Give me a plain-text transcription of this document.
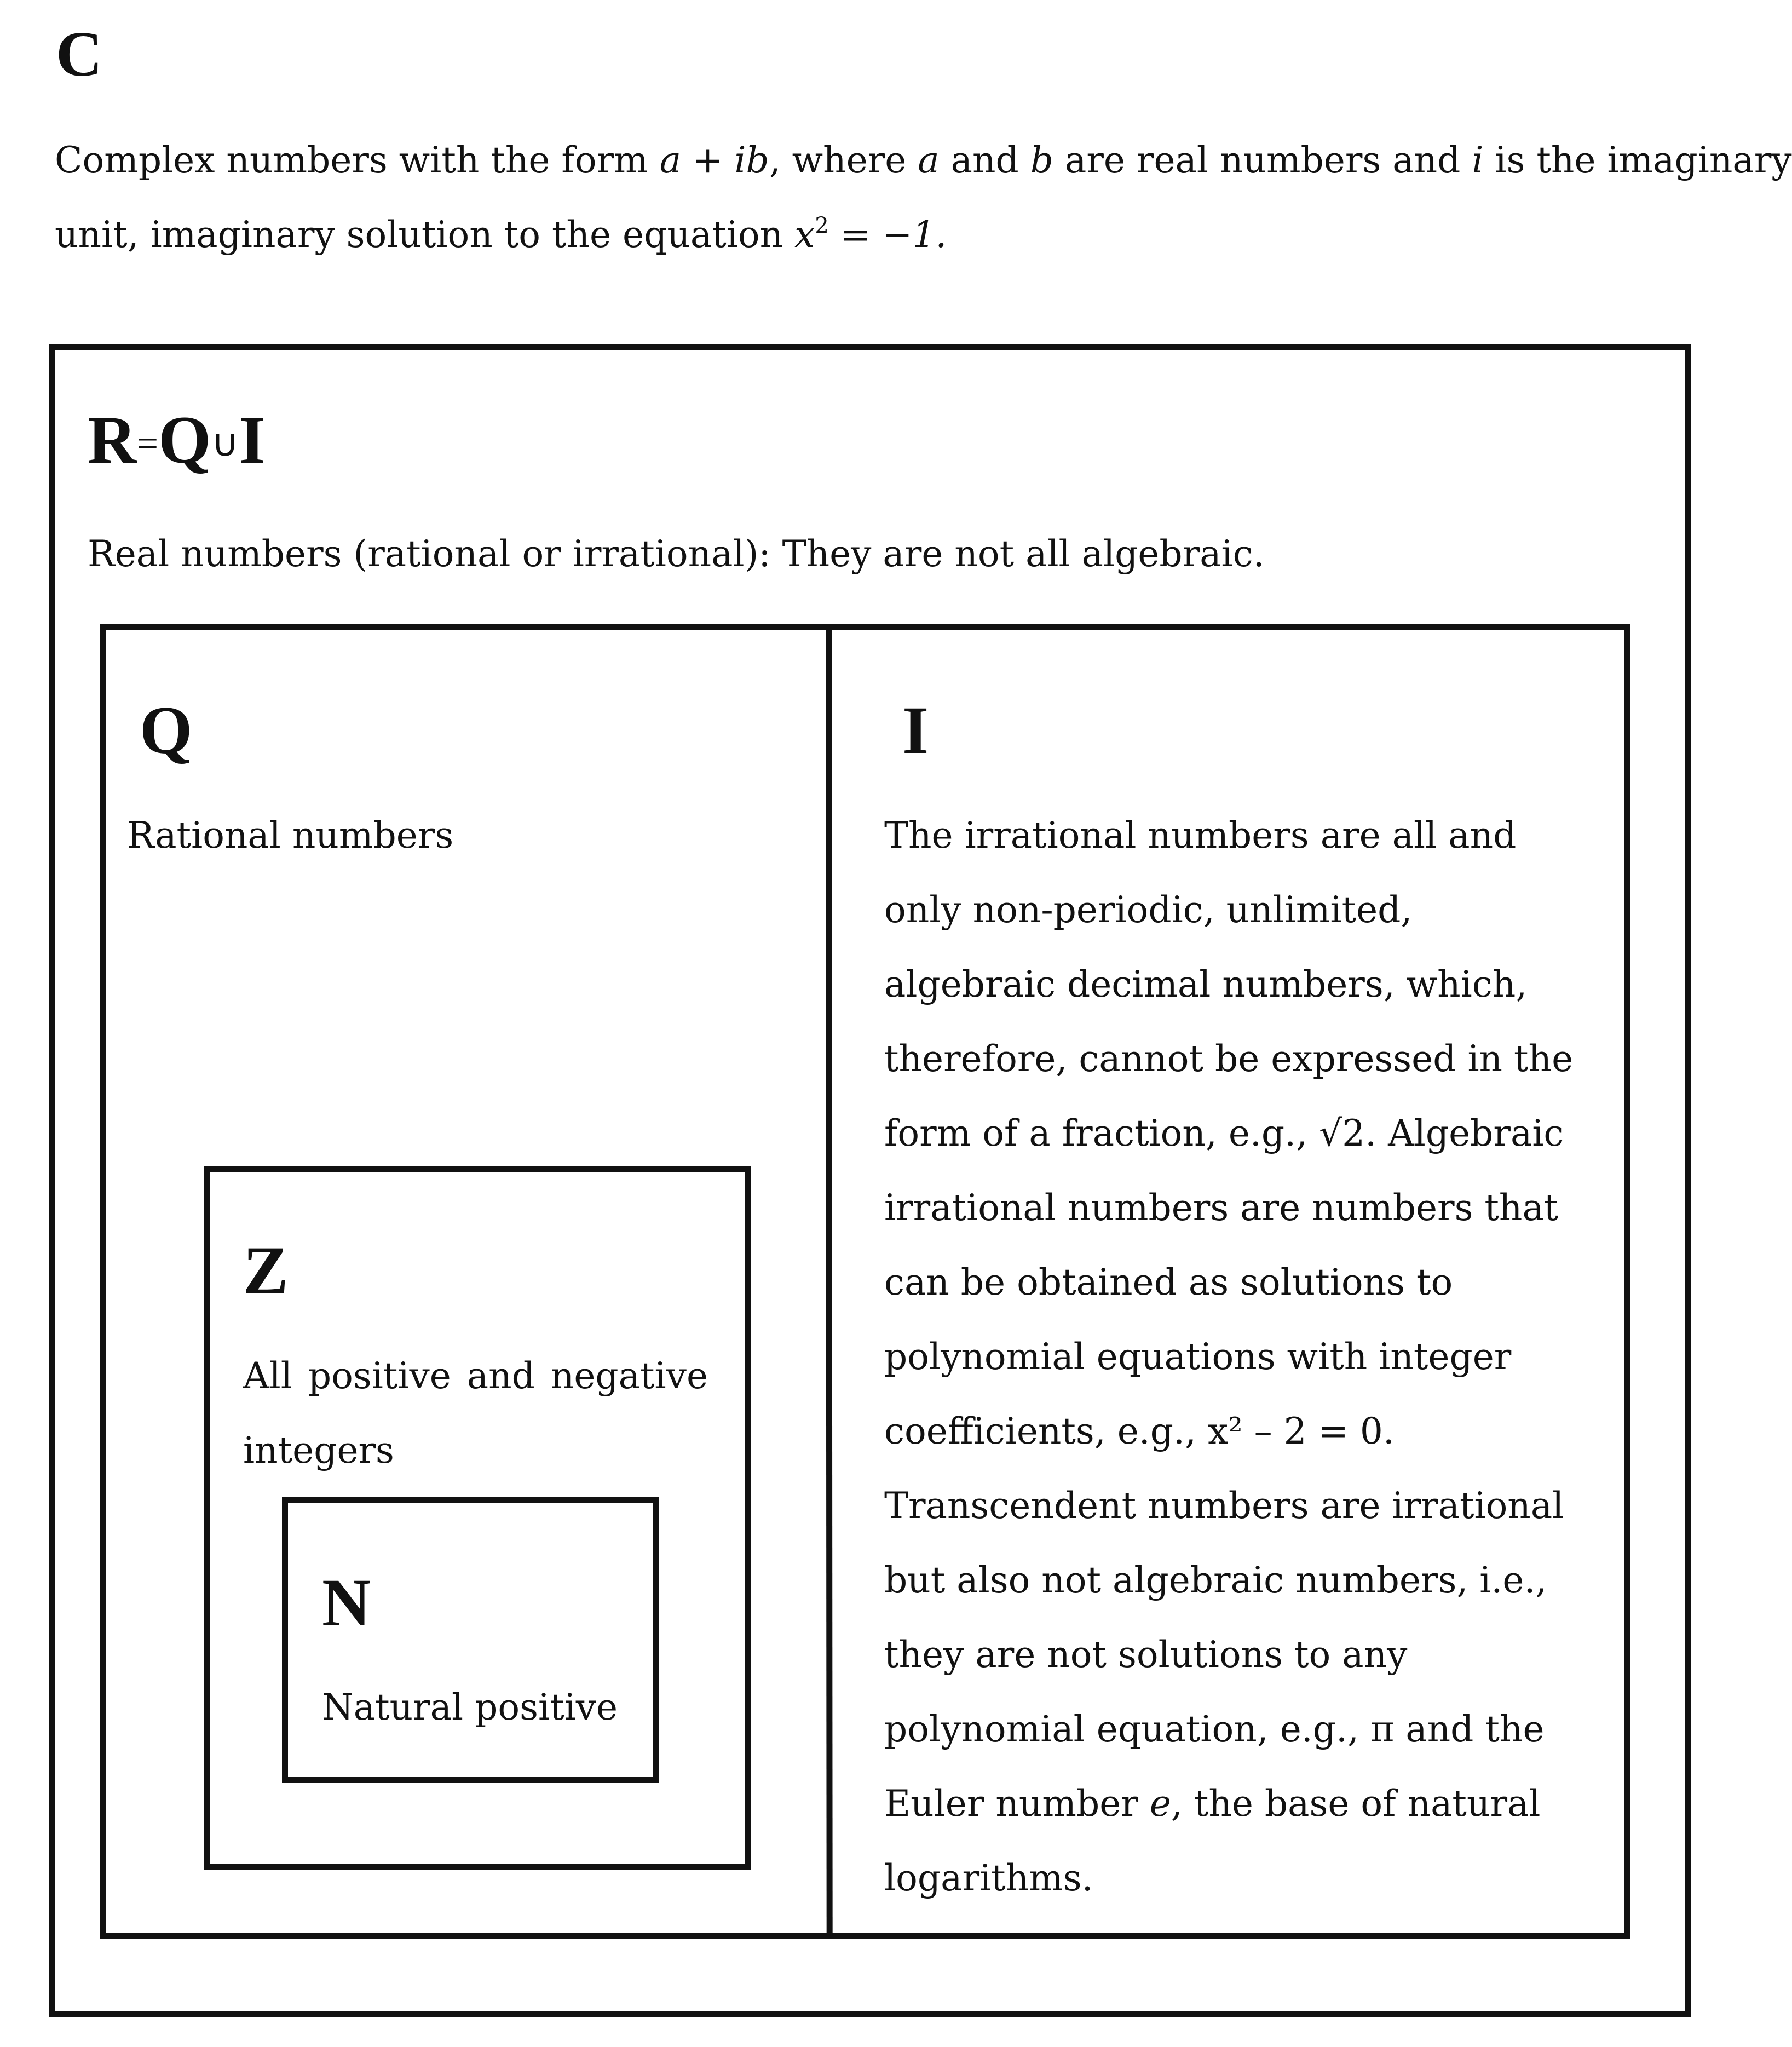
C
Complex numbers with the form a + ib, where a and b are real numbers and i is the imaginary
unit, imaginary solution to the equation $x^2 = -1$.
R=Q∪I
Real numbers (rational or irrational): They are not all algebraic.
Q
Rational numbers
I
The irrational numbers are all and
only non-periodic, unlimited,
algebraic decimal numbers, which,
therefore, cannot be expressed in the
form of a fraction, e.g., √2. Algebraic
irrational numbers are numbers that
can be obtained as solutions to
polynomial equations with integer
coefficients, e.g., x² – 2 = 0.
Transcendent numbers are irrational
but also not algebraic numbers, i.e.,
they are not solutions to any
polynomial equation, e.g., π and the
Euler number e, the base of natural
logarithms.
Z
All positive and negative
integers
N
Natural positive
